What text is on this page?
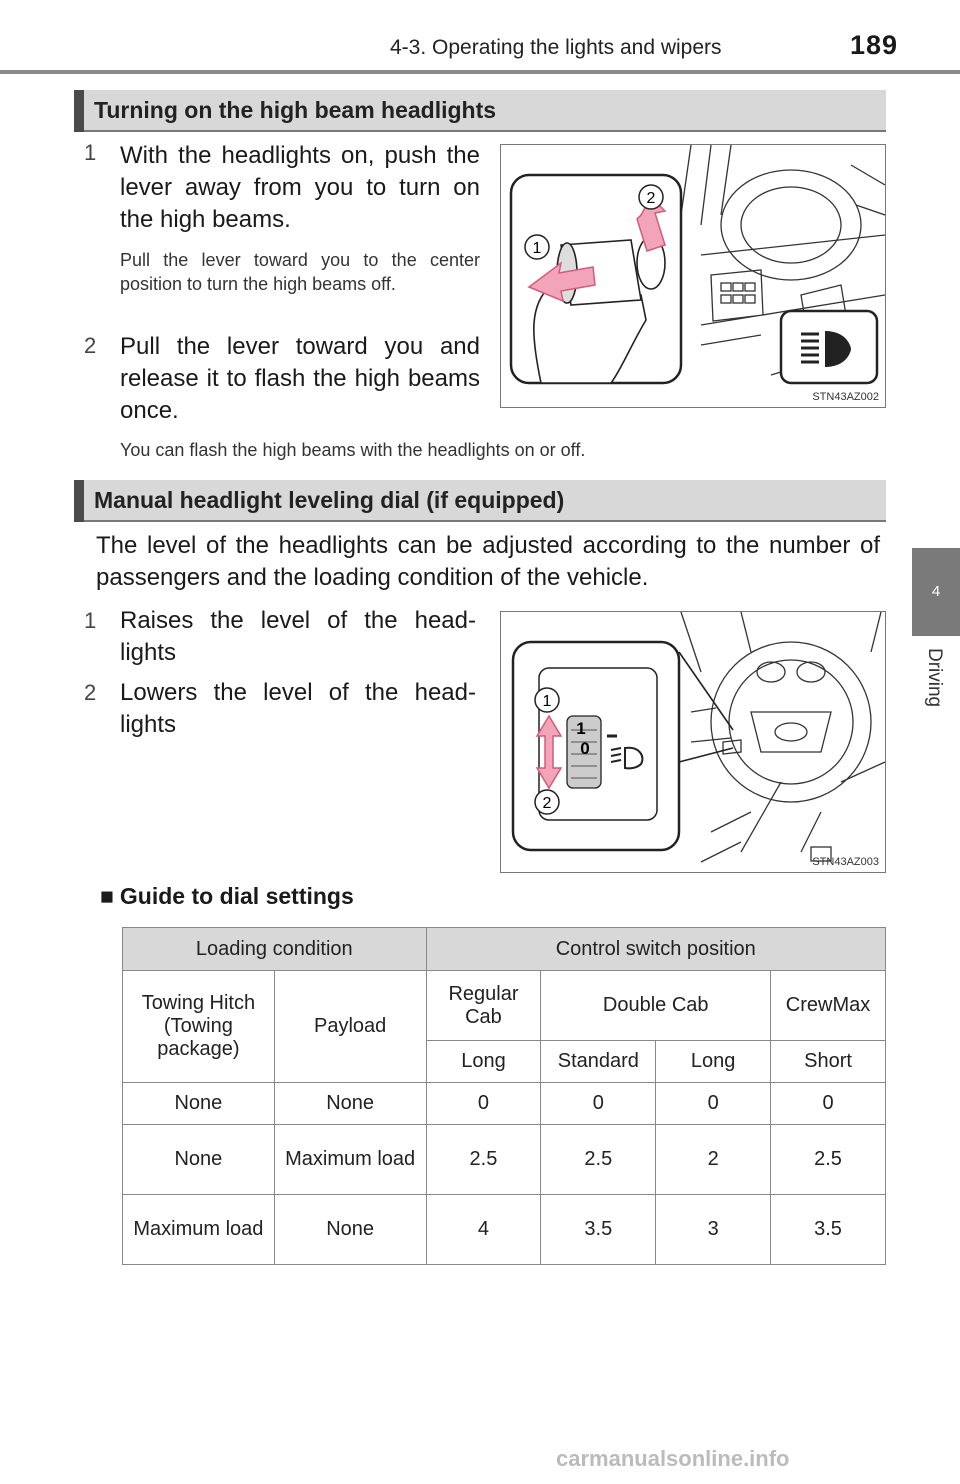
4-3. Operating the lights and wipers	189
4
Driving
Turning on the high beam headlights
1 With the headlights on, push the lever away from you to turn on the high beams.
Pull the lever toward you to the center position to turn the high beams off.
2 Pull the lever toward you and release it to flash the high beams once.
You can flash the high beams with the headlights on or off.
1
2
STN43AZ002
Manual headlight leveling dial (if equipped)
The level of the headlights can be adjusted according to the number of passengers and the loading condition of the vehicle.
1 Raises the level of the head-lights
2 Lowers the level of the head-lights	1
0
1
2
STN43AZ003
■ Guide to dial settings
Loading condition		Control switch position			
Towing Hitch (Towing package)	Payload	Regular Cab	Double Cab		CrewMax
		Long	Standard	Long	Short
None	None	0	0	0	0
None	Maximum load	2.5	2.5	2	2.5
Maximum load	None	4	3.5	3	3.5
carmanualsonline.info
